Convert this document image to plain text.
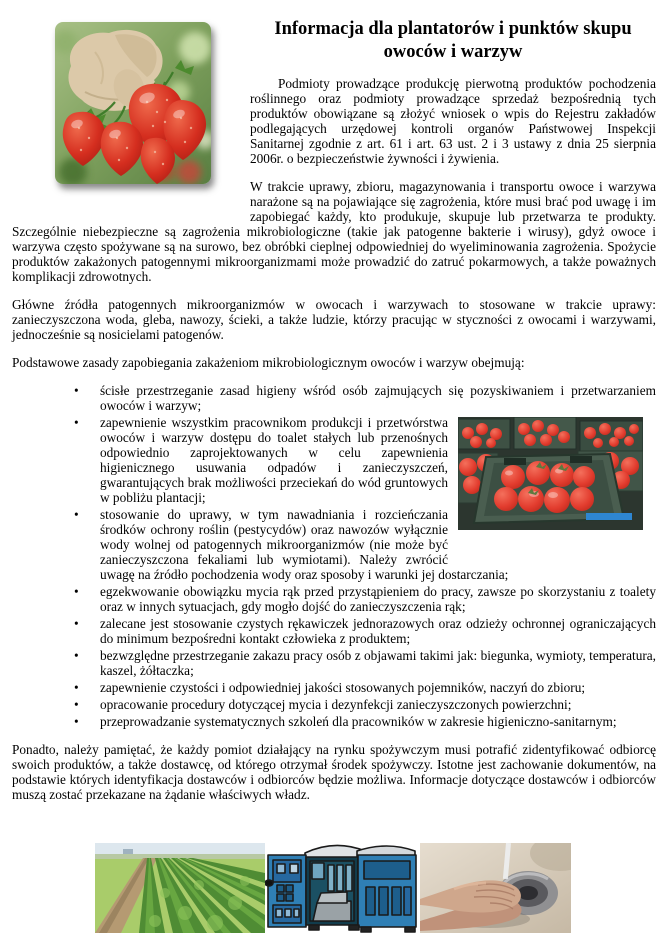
Informacja dla plantatorów i punktów skupu owoców i warzyw

Podmioty prowadzące produkcję pierwotną produktów pochodzenia roślinnego oraz podmioty prowadzące sprzedaż bezpośrednią tych produktów obowiązane są złożyć wniosek o wpis do Rejestru zakładów podlegających urzędowej kontroli organów Państwowej Inspekcji Sanitarnej zgodnie z art. 61 i art. 63 ust. 2 i 3 ustawy z dnia 25 sierpnia 2006r. o bezpieczeństwie żywności i żywienia.

W trakcie uprawy, zbioru, magazynowania i transportu owoce i warzywa narażone są na pojawiające się zagrożenia, które musi brać pod uwagę i im zapobiegać każdy, kto produkuje, skupuje lub przetwarza te produkty. Szczególnie niebezpieczne są zagrożenia mikrobiologiczne (takie jak patogenne bakterie i wirusy), gdyż owoce i warzywa często spożywane są na surowo, bez obróbki cieplnej odpowiedniej do wyeliminowania zagrożenia. Spożycie produktów zakażonych patogennymi mikroorganizmami może prowadzić do zatruć pokarmowych, a także poważnych komplikacji zdrowotnych.

Główne źródła patogennych mikroorganizmów w owocach i warzywach to stosowane w trakcie uprawy: zanieczyszczona woda, gleba, nawozy, ścieki, a także ludzie, którzy pracując w styczności z owocami i warzywami, jednocześnie są nosicielami patogenów.

Podstawowe zasady zapobiegania zakażeniom mikrobiologicznym owoców i warzyw obejmują:

• ścisłe przestrzeganie zasad higieny wśród osób zajmujących się pozyskiwaniem i przetwarzaniem owoców i warzyw;
• zapewnienie wszystkim pracownikom produkcji i przetwórstwa owoców i warzyw dostępu do toalet stałych lub przenośnych odpowiednio zaprojektowanych w celu zapewnienia higienicznego usuwania odpadów i zanieczyszczeń, gwarantujących brak możliwości przeciekań do wód gruntowych w pobliżu plantacji;
• stosowanie do uprawy, w tym nawadniania i rozcieńczania środków ochrony roślin (pestycydów) oraz nawozów wyłącznie wody wolnej od patogennych mikroorganizmów (nie może być zanieczyszczona fekaliami lub wymiotami). Należy zwrócić uwagę na źródło pochodzenia wody oraz sposoby i warunki jej dostarczania;
• egzekwowanie obowiązku mycia rąk przed przystąpieniem do pracy, zawsze po skorzystaniu z toalety oraz w innych sytuacjach, gdy mogło dojść do zanieczyszczenia rąk;
• zalecane jest stosowanie czystych rękawiczek jednorazowych oraz odzieży ochronnej ograniczających do minimum bezpośredni kontakt człowieka z produktem;
• bezwzględne przestrzeganie zakazu pracy osób z objawami takimi jak: biegunka, wymioty, temperatura, kaszel, żółtaczka;
• zapewnienie czystości i odpowiedniej jakości stosowanych pojemników, naczyń do zbioru;
• opracowanie procedury dotyczącej mycia i dezynfekcji zanieczyszczonych powierzchni;
• przeprowadzanie systematycznych szkoleń dla pracowników w zakresie higieniczno-sanitarnym;

Ponadto, należy pamiętać, że każdy pomiot działający na rynku spożywczym musi potrafić zidentyfikować odbiorcę swoich produktów, a także dostawcę, od którego otrzymał środek spożywczy. Istotne jest zachowanie dokumentów, na podstawie których identyfikacja dostawców i odbiorców będzie możliwa. Informacje dotyczące dostawców i odbiorców muszą zostać przekazane na żądanie właściwych władz.
